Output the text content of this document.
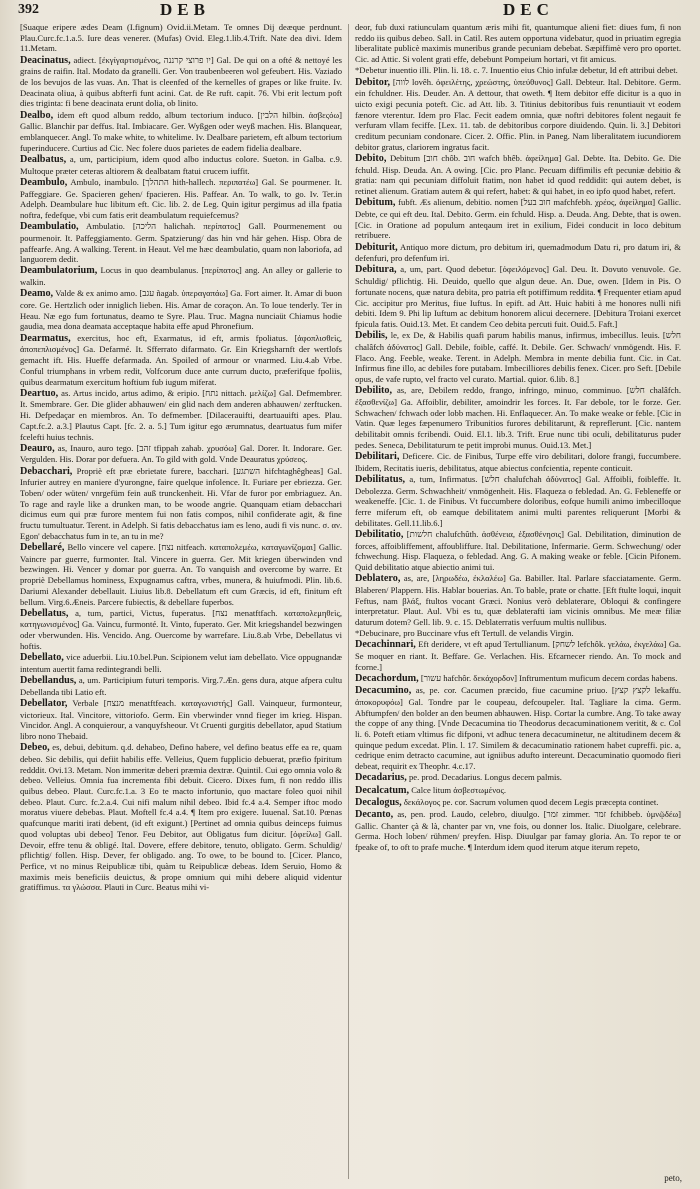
392	DEB	DEC

[Suaque eripere ædes Deam (I.fignum) Ovid.ii.Metam. Te omnes Dij deæque perdnunt. Plau.Curc.fc.1.a.5. Iure deas venerer. (Mufas) Ovid. Eleg.1.lib.4.Trift. Nate dea divi. Idem 11.Metam.

Deacinatus, adiect. [ἐκγίγαρτισμένος, יו פרוצי קרננה] Gal. De qui on a ofté & nettoyé les grains de raifin. Ital. Modato da granelli. Ger. Von traubenbeeren wol gefeubert. His. Vaziado de los bevujos de las vuas. An. That is cleenfed of the kernelles of grapes or like fruite. Iv. Deacinata oliua, à quibus abfterfi funt acini. Cat. de Re ruft. capit. 76. Vbi erit lectum poft dies triginta: fi bene deacinata erunt dolia, ob linito.

Dealbo, idem eft quod album reddo, album tectorium induco. [הלבין hilbin. ἀσβεςόω] Gallic. Blanchir par deffus. Ital. Imbiacare. Ger. Wyßgen oder weyß machen. His. Blanquear, emblanquecer. Angl. To make white, to whitelime. Iv. Dealbare parietem, eft album tectorium fuperinducere. Curtius ad Cic. Nec folere duos parietes de eadem fidelia dealbare.

Dealbatus, a, um, participium, idem quod albo inductus colore. Sueton. in Galba. c.9. Multoque præter ceteras altiorem & dealbatam ftatui crucem iuffit.

Deambulo, Ambulo, inambulo. [התהלך hith-hallech. περιπατέω] Gal. Se pourmener. It. Paffeggiare. Ge. Spacieren gehen/ fpacieren. His. Paffear. An. To walk, to go. Iv. Ter.in Adelph. Deambulare huc libitum eft. Cic. lib. 2. de Leg. Quin igitur pergimus ad illa fpatia noftra, fedefque, vbi cum fatis erit deambulatum requiefcemus?

Deambulatio, Ambulatio. [הליכה halichah. περίπατος] Gall. Pourmenement ou pourmenoir. It. Paffeggiamento. Germ. Spatzierung/ das hin vnd här gehen. Hisp. Obra de paffearfe. Ang. A walking. Terent. in Heaut. Vel me hæc deambulatio, quam non laboriofa, ad languorem dedit.

Deambulatorium, Locus in quo deambulanus. [περίπατος] ang. An alley or gallerie to walkin.

Deamo, Valde & ex animo amo. [עגב ñagab. ὑπεραγαπάω] Ga. Fort aimer. It. Amar di buon core. Ge. Hertzlich oder inniglich lieben. His. Amar de coraçon. An. To loue tenderly. Ter in Heau. Næ ego fum fortunatus, deamo te Syre. Plau. Truc. Magna nunciaüt Chiamus hodie gaudia, mea dona deamata acceptaque habita effe apud Phronefium.

Dearmatus, exercitus, hoc eft, Exarmatus, id eft, armis fpoliatus. [ἀφοπλισθεὶς, ἀποπεπλισμένος] Ga. Defarmé. It. Sfferrato difarmato. Gr. Ein Kriegsharnft der wertlofs gemacht ift. His. Hueffe defarmada. An. Spoiled of armour or vnarmed. Liu.4.ab Vrbe. Conful triumphans in vrbem redit, Volfcorum duce ante currum ducto, præferifque fpoliis, quibus dearmatum exercitum hoftium fub iugum miferat.

Deartuo, as. Artus incido, artus adimo, & eripio. [נתח nittach. μελίζω] Gal. Defmembrer. It. Smembrare. Ger. Die glider abhauwen/ ein glid nach dem anderen abhauwen/ zerftucken. Hi. Defpedaçar en miembros. An. To defmember. [Dilacerauifti, deartuauifti apes. Plau. Capt.fc.2. a.3.] Plautus Capt. [fc. 2. a. 5.] Tum igitur ego ærumnatus, deartuatus fum mifer fcelefti huius technis.

Deauro, as, Inauro, auro tego. [זהב tfippah zahab. χρυσόω] Gal. Dorer. It. Indorare. Ger. Vergulden. His. Dorar por defuera. An. To gild with gold. Vnde Deauratus χρύσεος.

Debacchari, Propriè eft præ ebrietate furere, bacchari. [השתגע hifchtaghêgheas] Gal. Infurier autrey en maniere d'yurongne, faire quelque infolence. It. Furiare per ebriezza. Ger. Toben/ oder wüten/ vnrgefüm fein auß trunckenheit. Hi. Vfar de furor por embriaguez. An. To rage and rayle like a drunken man, to be woode angrie. Quanquam etiam debacchari dicimus eum qui præ furore mentem fui non fatis compos, nihil confiderate agit, & fine fructu tumultuatur. Terent. in Adelph. Si fatis debacchatus iam es leno, audi fi vis nunc. σ. αν. Egon' debacchatus fum in te, an tu in me?

Debellaré, Bello vincere vel capere. [נצח nitfeach. καταπολεμέω, καταγωνίζομαι] Gallic. Vaincre par guerre, furmonter. Ital. Vincere in guerra. Ger. Mit kriegen überwinden vnd bezwingen. Hi. Vencer y domar por guerra. An. To vanquish and overcome by warre. Et propriè Debellamus hominess, Expugnamus caftra, vrbes, munera, & huiufmodi. Plin. lib.6. Dariumi Alexander debellauit. Liuius lib.8. Debellatum eft cum Græcis, id eft, finitum eft bellum. Virg.6.Æneis. Parcere fubiectis, & debellare fuperbos.

Debellatus, a, tum, partici, Victus, fuperatus. [נצח menatftfach. καταπολεμηθεὶς, κατηγωνισμένος] Ga. Vaincu, furmonté. It. Vinto, fuperato. Ger. Mit kriegshandel bezwingen oder vberwunden. His. Vencido. Ang. Ouercome by warrefare. Liu.8.ab Vrbe, Debellatus vi hoftis.

Debellato, vice aduerbii. Liu.10.bel.Pun. Scipionem velut iam debellato. Vice oppugnandæ intentum auertit fama redintegrandi belli.

Debellandus, a, um. Participium futuri temporis. Virg.7.Æn. gens dura, atque afpera cultu Debellanda tibi Latio eft.

Debellator, Verbale [מנצח menatftfeach. καταγωνιστής] Gall. Vainqueur, furmonteur, victorieux. Ital. Vincitore, vittoriofo. Germ. Ein vberwinder vnnd fieger im krieg. Hispan. Vincidor. Angl. A conquierour, a vanquyfsheour. Vt Cruenti gurgitis debellator, apud Statium libro nono Thebaid.

Debeo, es, debui, debitum. q.d. dehabeo, Defino habere, vel defino beatus effe ea re, quam debeo. Sic debilis, qui defiit habilis effe. Velleius, Quem fupplicio debuerat, præfio fpiritum redddit. Ovi.13. Metam. Non immeritæ deberi præmia dextræ. Quintil. Cui ego omnia volo & debeo. Velleius. Omnia fua incrementa fibi debuit. Cicero. Dixes fum, fi non reddo illis quibus debeo. Plaut. Curc.fc.1.a. 3 Eo te macto infortunio, quo mactare foleo quoi nihil debeo. Plaut. Curc. fc.2.a.4. Cui nifi malum nihil debeo. Ibid fc.4 a.4. Semper iftoc modo moratus viuere debebas. Plaut. Moftell fc.4 a.4. ¶ Item pro exigere. Iuuenal. Sat.10. Pœnas quafcunque mariti irati debent, (id eft exigunt.) [Pertinet ad omnia quibus deinceps fuimus quod voluptas ubi debeo] Tenor. Feu Debitor, aut Obligatus fum dicitur. [ὀφείλω] Gall. Devoir, effre tenu & obligé. Ital. Dovere, effere debitore, tenuto, obligato. Germ. Schuldig/ pflichtig/ follen. Hisp. Dever, fer obligado. ang. To owe, to be bound to. [Cicer. Planco, Perfice, vt no minus Reipublicæ tibi, quàm tu Reipublicæ debeas. Idem Seruio, Homo & maximis meis beneficiis deuictus, & prope omnium qui mihi debere aliquid videntur gratiffimus. τα γλώσσα. Plauti in Curc. Beatus mihi vi-

deor, fub duxi ratiunculam quantum æris mihi fit, quantumque alieni fiet: diues fum, fi non reddo iis quibus debeo. Sall. in Catil. Res autem opportuna videbatur, quod in priuatim egregia liberalitate publicè maximis muneribus grande pecuniam debebat. Sæpiffimè vero pro oportet. Cic. ad Attic. Si volent grati effe, debebunt Pompeium hortari, vt fit amicus.

*Debetur inuentio illi. Plin. li. 18. c. 7. Inuentio eius Chio infulæ debetur, Id eft attribui debet.

Debitor, [לווה lovêh. ὀφειλέτης, χρεώστης, ὑπεύθυνος] Gall. Debteur. Ital. Debitore. Germ. ein fchuldner. His. Deuder. An. A dettour, that oweth. ¶ Item debitor effe dicitur is a quo in uicto exigi pecunia poteft. Cic. ad Att. lib. 3. Titinius debitoribus fuis renuntiauit vt eodem fænore vterentur. Idem pro Flac. Fecit eadem omnia, quæ noftri debitores folent negauit fe verfuram vllam feciffe. [Lex. 11. tab. de debitoribus corpore diuidendo. Quin. li. 3.] Debitori creditum pecuniam condonare. Cicer. 2. Offic. Plin. in Paneg. Nam liberalitatem iucundiorem debitor gratus, clariorem ingratus facit.

Debito, Debitum [חוב chôb. חוב wafch bhêb. ἀφείλημα] Gal. Debte. Ita. Debito. Ge. Die fchuld. Hisp. Deuda. An. A owing. [Cic. pro Planc. Pecuam diffimilis eft pecuniæ debitio & gratia: nam qui pecuniam diffoluit ftatim, non habet id quod reddidit: qui autem debet, is retinet alienum. Gratiam autem & qui refert, habet: & qui habet, in eo ipfo quod habet, refert.

Debitum, fubft. Æs alienum, debitio. nomen [חוב בעל mafchfebh. χρέος, ἀφείλημα] Gallic. Debte, ce qui eft deu. Ital. Debito. Germ. ein fchuld. Hisp. a. Deuda. Ang. Debte, that is owen. [Cic. in Oratione ad populum anteqaum iret in exilium, Fidei conducit in loco debitum retribuere.

Debiturit, Antiquo more dictum, pro debitum iri, quemadmodum Datu ri, pro datum iri, & defenfuri, pro defenfum iri.

Debitura, a, um, part. Quod debetur. [ὀφειλόμενος] Gal. Deu. It. Dovuto venuvole. Ge. Schuldig/ pflichtig. Hi. Deuido, quello que algun deue. An. Due, owen. [Idem in Pis. O fortunate nocens, quæ natura debita, pro patria eft potiffimum reddita. ¶ Frequenter etiam apud Cic. accipitur pro Meritus, fiue Iuftus. In epift. ad Att. Huic habiti à me honores nulli nifi debiti. Idem 9. Phi lip Iuftum ac debitum honorem alicui decernere. [Debitura Troiani exercet fpicula fatis. Ouid.13. Met. Et candem Ceo debita percuti fuit. Ouid.5. Faft.]

Debilis, le, ex De, & Habilis quafi parum habilis manus, infirmus, imbecillus. leuis. [חלש chalâfch ἀδύνατος] Gall. Debile, foible, caffé. It. Debile. Ger. Schwach/ vnmögendt. His. F. Flaco. Ang. Feeble, weake. Terent. in Adelph. Membra in mente debilia funt. Cic. in Cat. Infirmus fine illo, ac debiles fore putabam. Imbecilliores debilis fenex. Cicer. pro Seft. [Debile opus, de vafe rupto, vel fracto vel curato. Martial. quior. 6.lib. 8.]

Debilito, as, are, Debilem reddo, frango, infringo, minuo, comminuo. [חלש chalâfch. ἐξασθενίζω] Ga. Affoiblir, debiliter, amoindrir les forces. It. Far debole, tor le forze. Ger. Schwachen/ fchwach oder lobb machen. Hi. Enflaquecer. An. To make weake or feble. [Cic in Vatin. Quæ leges fæpenumero Tribunitios furores debilitarunt, & repreflerunt. [Cic. nantem debilitabit omnis fcribendi. Ouid. El.1. lib.3. Trift. Erue nunc tibi oculi, debilitaturus puder pedes. Seneca, Debilitaturum te petit improbi munus. Ouid.13. Met.]

Debilitari, Deficere. Cic. de Finibus, Turpe effe viro debilitari, dolore frangi, fuccumbere. Ibidem, Recitatis iueris, debilitatus, atque abiectus confcientia, repente conticuit.

Debilitatus, a, tum, Infirmatus. [חלש chalufchah ἀδύνατος] Gal. Affoibli, foibleffe. It. Debolezza. Germ. Schwachheit/ vnmögenheit. His. Flaqueza o febledad. An. G. Febleneffe or weakeneffe. [Cic. 1. de Finibus. Vt fuccumbere doloribus, eofque humili animo imbecilloque ferre miferum eft, ob eamque debilitatem animi multi parentes reliquerunt [Morbi & debilitates. Gell.11.lib.6.]

Debilitatio, [חלשות chalufchûth. ἀσθένεια, ἐξασθένησις] Gal. Debilitation, diminution de forces, affoibliffement, affoubliffure. Ital. Debilitatione, Infermarie. Germ. Schwechung/ oder fchwechung. Hisp. Flaqueza, o febledad. Ang. G. A making weake or feble. [Cicin Pifonem. Quid debilitatio atque abiectio animi tui.

Deblatero, as, are, [ληρωδέω, ἐκλαλέω] Ga. Babiller. Ital. Parlare sfacciatamente. Germ. Blaberen/ Plappern. His. Hablar bouerias. An. To bable, prate or chatte. [Eft ftulte loqui, inquit Feftus, nam βλάξ, ftultos vocant Græci. Nonius verò deblaterare, Obloqui & confingere interpretatur. Plaut. Aul. Vbi es tu, quæ deblaterafti iam vicinis omnibus. Me meæ filiæ daturum dotem? Gell. lib. 9. c. 15. Deblaterratis verfuum multis nullibus.

*Debucinare, pro Buccinare vfus eft Tertull. de velandis Virgin.

Decachinnari, Eft deridere, vt eft apud Tertullianum. [לשחק lefchôk. γελάω, ἐκγελάω] Ga. Se moquer en riant. It. Beffare. Ge. Verlachen. His. Efcarnecer riendo. An. To mock and fcorne.]

Decachordum, [עשור hafchôr. δεκάχορδον] Inftrumentum muficum decem cordas habens.

Decacumino, as, pe. cor. Cacumen præcido, fiue cacumine priuo. [לקצץ קצץ lekaffu. ἀποκορυφόω] Gal. Tondre par le coupeau, defcoupeler. Ital. Tagliare la cima. Germ. Abftumpfen/ den bolder an den beumen abhauwen. Hisp. Cortar la cumbre. Ang. To take away the coppe of any thing. [Vnde Decacumina tio Theodorus decacuminationem veritit, & c. Col li. 6. Poteft etiam vltimus fic difponi, vt adhuc tenera decacuminetur, ne altitudinem decem & quinque pedum excedat. Plin. l. 17. Similem & decacuminatio rationem habet cupreffi. pic. a, cedrique enim detracto cacumine, aut igniibus adufto intereunt. Decacuminatio quomodo fieri debeat, requirit ex Theophr. 4.c.17.

Decadarius, pe. prod. Decadarius. Longus decem palmis.

Decalcatum, Calce litum ἀσβεστωμένος.

Decalogus, δεκάλογος pe. cor. Sacrum volumen quod decem Legis præcepta continet.

Decanto, as, pen. prod. Laudo, celebro, diuulgo. [זמר zimmer. זמר fchibbeb. ὑμνῷδέω] Gallic. Chanter çà & là, chanter par vn, vne fois, ou donner los. Italic. Diuolgare, celebrare. Germa. Hoch loben/ rühmen/ preyfen. Hisp. Diuulgar par famay gloria. An. To repor te or fpeake of, to oft to prafe muche. ¶ Interdum idem quod iterum atque iterum repeto,

peto,
